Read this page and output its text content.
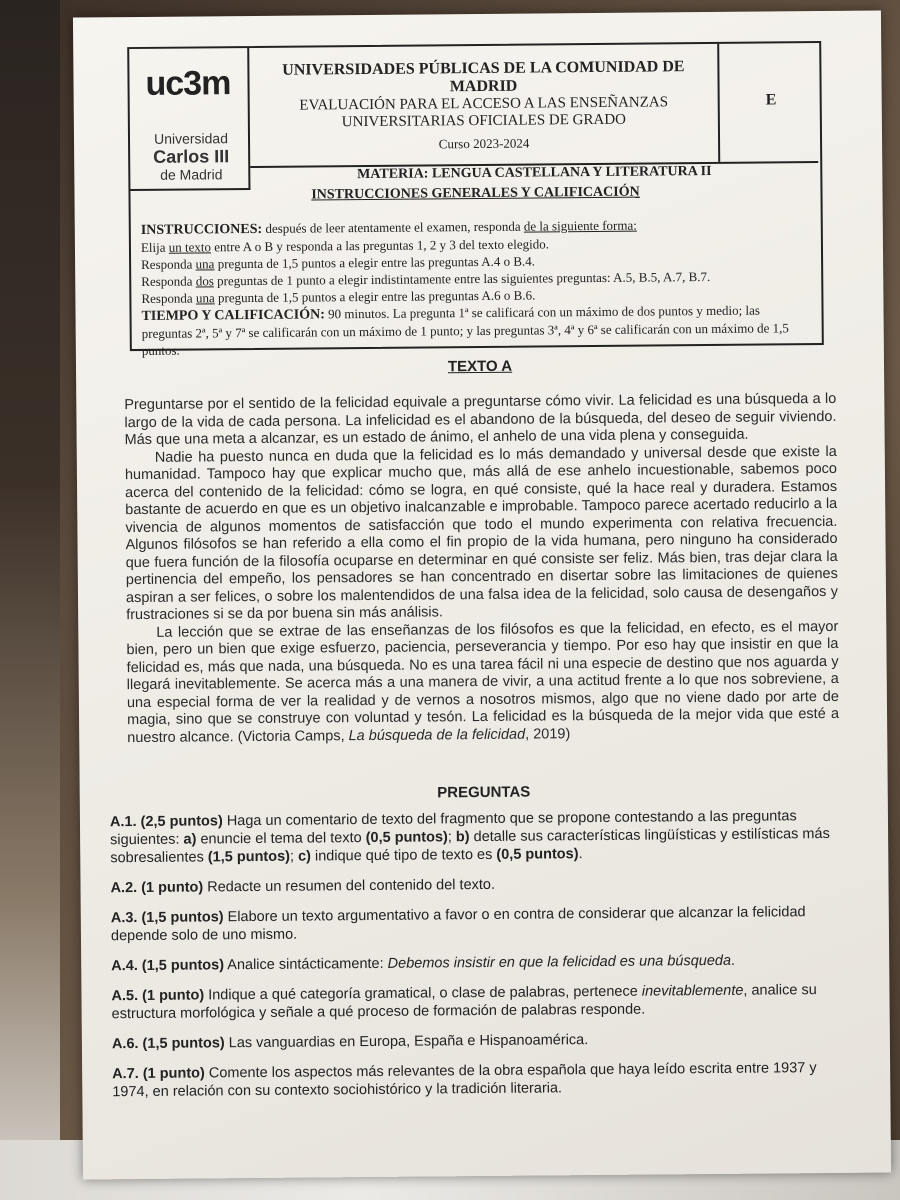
uc3m
Universidad
Carlos III
de Madrid
UNIVERSIDADES PÚBLICAS DE LA COMUNIDAD DE MADRID
EVALUACIÓN PARA EL ACCESO A LAS ENSEÑANZAS
UNIVERSITARIAS OFICIALES DE GRADO
Curso 2023-2024
E
MATERIA: LENGUA CASTELLANA Y LITERATURA II
INSTRUCCIONES GENERALES Y CALIFICACIÓN
INSTRUCCIONES: después de leer atentamente el examen, responda de la siguiente forma:
Elija un texto entre A o B y responda a las preguntas 1, 2 y 3 del texto elegido.
Responda una pregunta de 1,5 puntos a elegir entre las preguntas A.4 o B.4.
Responda dos preguntas de 1 punto a elegir indistintamente entre las siguientes preguntas: A.5, B.5, A.7, B.7.
Responda una pregunta de 1,5 puntos a elegir entre las preguntas A.6 o B.6.
TIEMPO Y CALIFICACIÓN: 90 minutos. La pregunta 1ª se calificará con un máximo de dos puntos y medio; las preguntas 2ª, 5ª y 7ª se calificarán con un máximo de 1 punto; y las preguntas 3ª, 4ª y 6ª se calificarán con un máximo de 1,5 puntos.
TEXTO A

Preguntarse por el sentido de la felicidad equivale a preguntarse cómo vivir. La felicidad es una búsqueda a lo largo de la vida de cada persona. La infelicidad es el abandono de la búsqueda, del deseo de seguir viviendo. Más que una meta a alcanzar, es un estado de ánimo, el anhelo de una vida plena y conseguida.

Nadie ha puesto nunca en duda que la felicidad es lo más demandado y universal desde que existe la humanidad. Tampoco hay que explicar mucho que, más allá de ese anhelo incuestionable, sabemos poco acerca del contenido de la felicidad: cómo se logra, en qué consiste, qué la hace real y duradera. Estamos bastante de acuerdo en que es un objetivo inalcanzable e improbable. Tampoco parece acertado reducirlo a la vivencia de algunos momentos de satisfacción que todo el mundo experimenta con relativa frecuencia. Algunos filósofos se han referido a ella como el fin propio de la vida humana, pero ninguno ha considerado que fuera función de la filosofía ocuparse en determinar en qué consiste ser feliz. Más bien, tras dejar clara la pertinencia del empeño, los pensadores se han concentrado en disertar sobre las limitaciones de quienes aspiran a ser felices, o sobre los malentendidos de una falsa idea de la felicidad, solo causa de desengaños y frustraciones si se da por buena sin más análisis.

La lección que se extrae de las enseñanzas de los filósofos es que la felicidad, en efecto, es el mayor bien, pero un bien que exige esfuerzo, paciencia, perseverancia y tiempo. Por eso hay que insistir en que la felicidad es, más que nada, una búsqueda. No es una tarea fácil ni una especie de destino que nos aguarda y llegará inevitablemente. Se acerca más a una manera de vivir, a una actitud frente a lo que nos sobreviene, a una especial forma de ver la realidad y de vernos a nosotros mismos, algo que no viene dado por arte de magia, sino que se construye con voluntad y tesón. La felicidad es la búsqueda de la mejor vida que esté a nuestro alcance. (Victoria Camps, La búsqueda de la felicidad, 2019)

PREGUNTAS
A.1. (2,5 puntos) Haga un comentario de texto del fragmento que se propone contestando a las preguntas siguientes: a) enuncie el tema del texto (0,5 puntos); b) detalle sus características lingüísticas y estilísticas más sobresalientes (1,5 puntos); c) indique qué tipo de texto es (0,5 puntos).
A.2. (1 punto) Redacte un resumen del contenido del texto.
A.3. (1,5 puntos) Elabore un texto argumentativo a favor o en contra de considerar que alcanzar la felicidad depende solo de uno mismo.
A.4. (1,5 puntos) Analice sintácticamente: Debemos insistir en que la felicidad es una búsqueda.
A.5. (1 punto) Indique a qué categoría gramatical, o clase de palabras, pertenece inevitablemente, analice su estructura morfológica y señale a qué proceso de formación de palabras responde.
A.6. (1,5 puntos) Las vanguardias en Europa, España e Hispanoamérica.
A.7. (1 punto) Comente los aspectos más relevantes de la obra española que haya leído escrita entre 1937 y 1974, en relación con su contexto sociohistórico y la tradición literaria.
